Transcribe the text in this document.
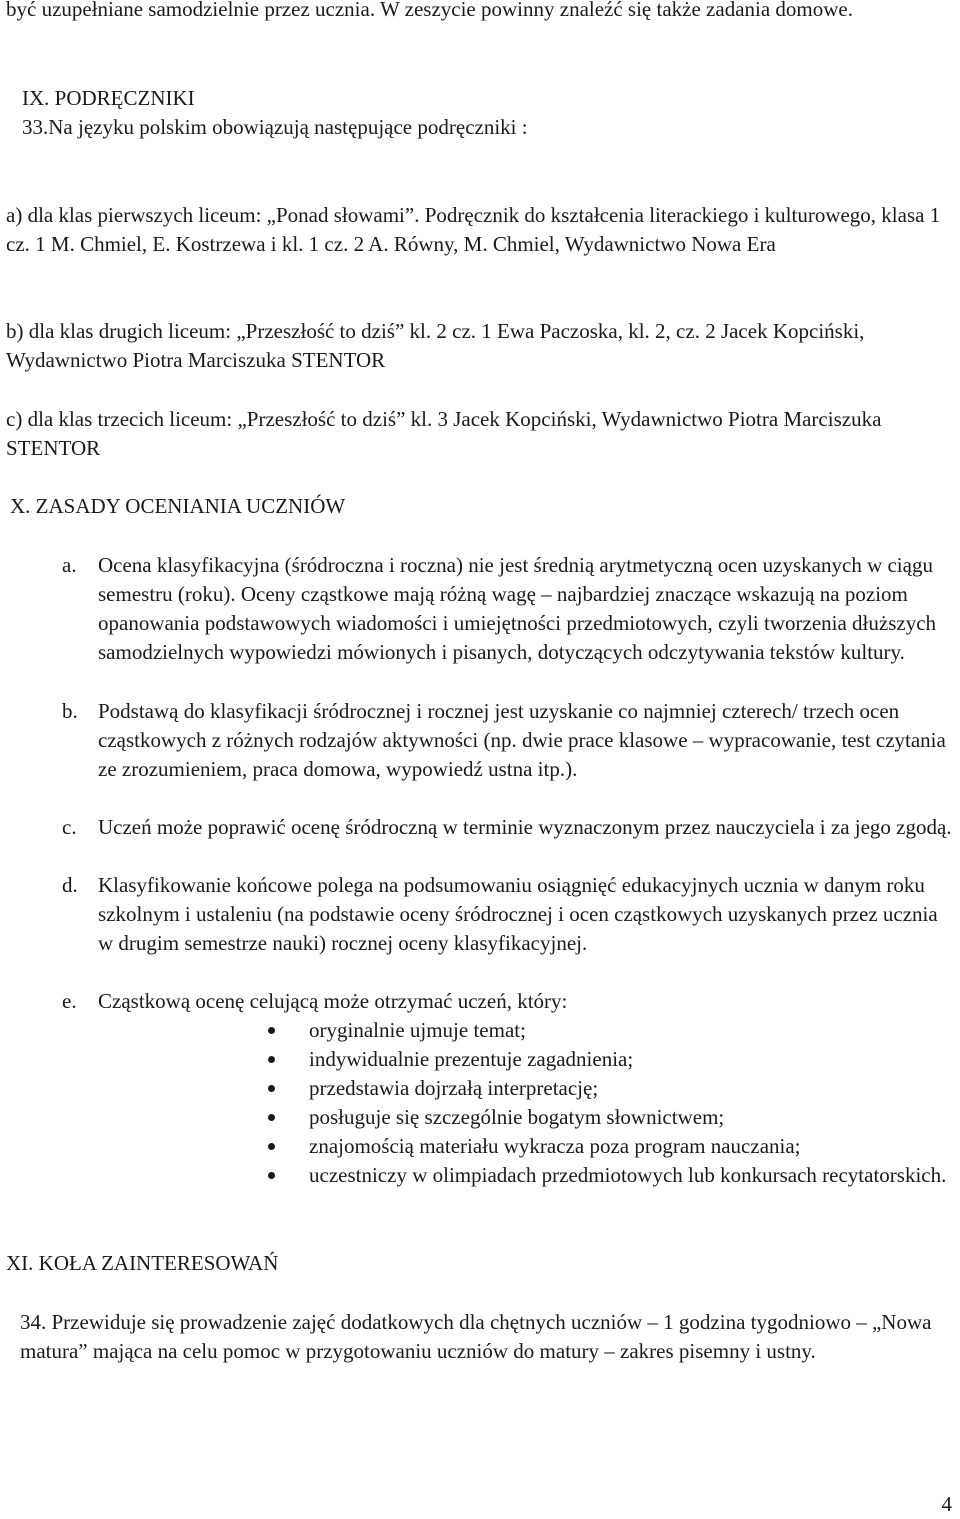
być uzupełniane samodzielnie przez ucznia. W zeszycie powinny znaleźć się także zadania domowe.

IX. PODRĘCZNIKI

33.Na języku polskim obowiązują następujące podręczniki :

a) dla klas pierwszych liceum: „Ponad słowami”. Podręcznik do kształcenia literackiego i kulturowego, klasa 1 cz. 1 M. Chmiel, E. Kostrzewa i kl. 1 cz. 2 A. Równy, M. Chmiel, Wydawnictwo Nowa Era

b) dla klas drugich liceum: „Przeszłość to dziś” kl. 2 cz. 1 Ewa Paczoska, kl. 2, cz. 2 Jacek Kopciński, Wydawnictwo Piotra Marciszuka STENTOR

c) dla klas trzecich liceum: „Przeszłość to dziś” kl. 3 Jacek Kopciński, Wydawnictwo Piotra Marciszuka STENTOR

X. ZASADY OCENIANIA UCZNIÓW
a. Ocena klasyfikacyjna (śródroczna i roczna) nie jest średnią arytmetyczną ocen uzyskanych w ciągu semestru (roku). Oceny cząstkowe mają różną wagę – najbardziej znaczące wskazują na poziom opanowania podstawowych wiadomości i umiejętności przedmiotowych, czyli tworzenia dłuższych samodzielnych wypowiedzi mówionych i pisanych, dotyczących odczytywania tekstów kultury.
b. Podstawą do klasyfikacji śródrocznej i rocznej jest uzyskanie co najmniej czterech/ trzech ocen cząstkowych z różnych rodzajów aktywności (np. dwie prace klasowe – wypracowanie, test czytania ze zrozumieniem, praca domowa, wypowiedź ustna itp.).
c. Uczeń może poprawić ocenę śródroczną w terminie wyznaczonym przez nauczyciela i za jego zgodą.
d. Klasyfikowanie końcowe polega na podsumowaniu osiągnięć edukacyjnych ucznia w danym roku szkolnym i ustaleniu (na podstawie oceny śródrocznej i ocen cząstkowych uzyskanych przez ucznia w drugim semestrze nauki) rocznej oceny klasyfikacyjnej.
e. Cząstkową ocenę celującą może otrzymać uczeń, który:
oryginalnie ujmuje temat;
indywidualnie prezentuje zagadnienia;
przedstawia dojrzałą interpretację;
posługuje się szczególnie bogatym słownictwem;
znajomością materiału wykracza poza program nauczania;
uczestniczy w olimpiadach przedmiotowych lub konkursach recytatorskich.
XI. KOŁA ZAINTERESOWAŃ

34. Przewiduje się prowadzenie zajęć dodatkowych dla chętnych uczniów – 1 godzina tygodniowo – „Nowa matura” mająca na celu pomoc w przygotowaniu uczniów do matury – zakres pisemny i ustny.

4
